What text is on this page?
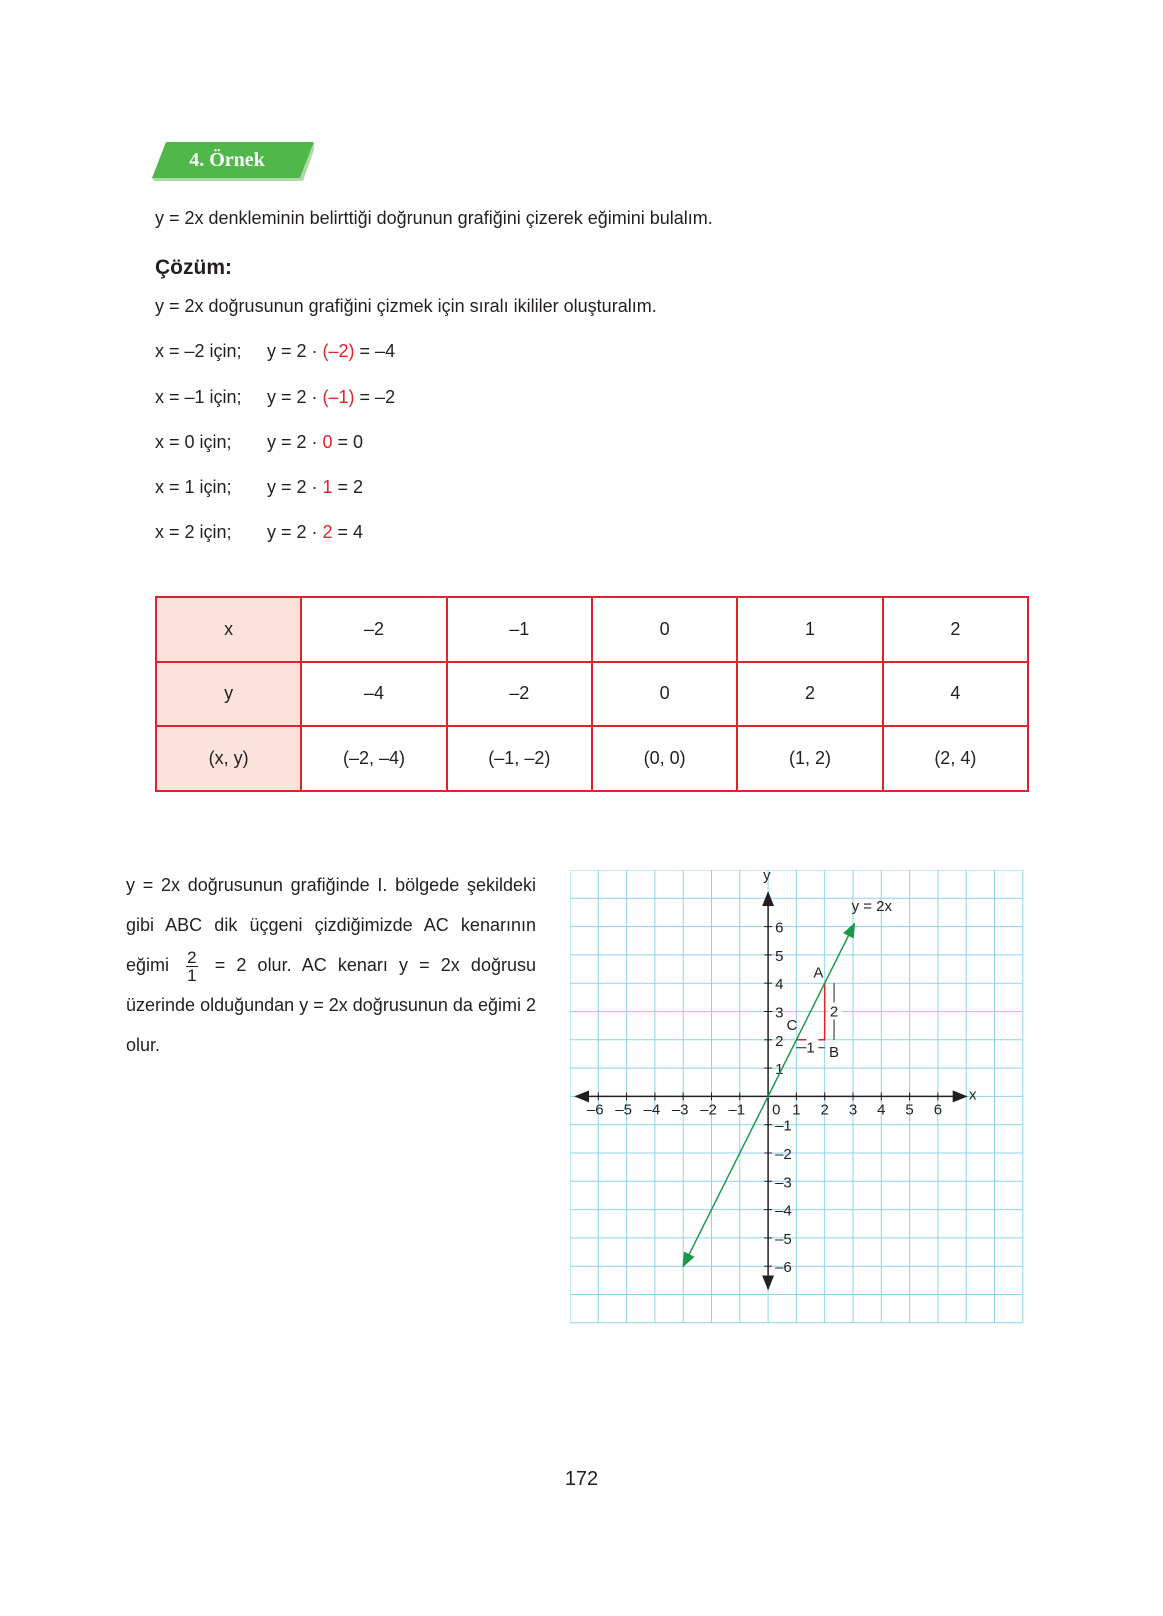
4. Örnek
y = 2x denkleminin belirttiği doğrunun grafiğini çizerek eğimini bulalım.
Çözüm:
y = 2x doğrusunun grafiğini çizmek için sıralı ikililer oluşturalım.
x = –2 için; y = 2 · (–2) = –4
x = –1 için; y = 2 · (–1) = –2
x = 0 için; y = 2 · 0 = 0
x = 1 için; y = 2 · 1 = 2
x = 2 için; y = 2 · 2 = 4
x	–2	–1	0	1	2
y	–4	–2	0	2	4
(x, y)	(–2, –4)	(–1, –2)	(0, 0)	(1, 2)	(2, 4)
y = 2x doğrusunun grafiğinde I. bölgede şekildeki gibi ABC dik üçgeni çizdiğimizde AC kenarının eğimi $\frac{2}{1} = 2$ olur. AC kenarı y = 2x doğrusu üzerinde olduğundan y = 2x doğrusunun da eğimi 2 olur.
–6 –5 –4 –3 –2 –1	1 2 3 4 5 6
6
5
4
3
2
1
–1
–2
–3
–4
–5
–6
0
x
y
1
2
A
B
C
y = 2x
172
